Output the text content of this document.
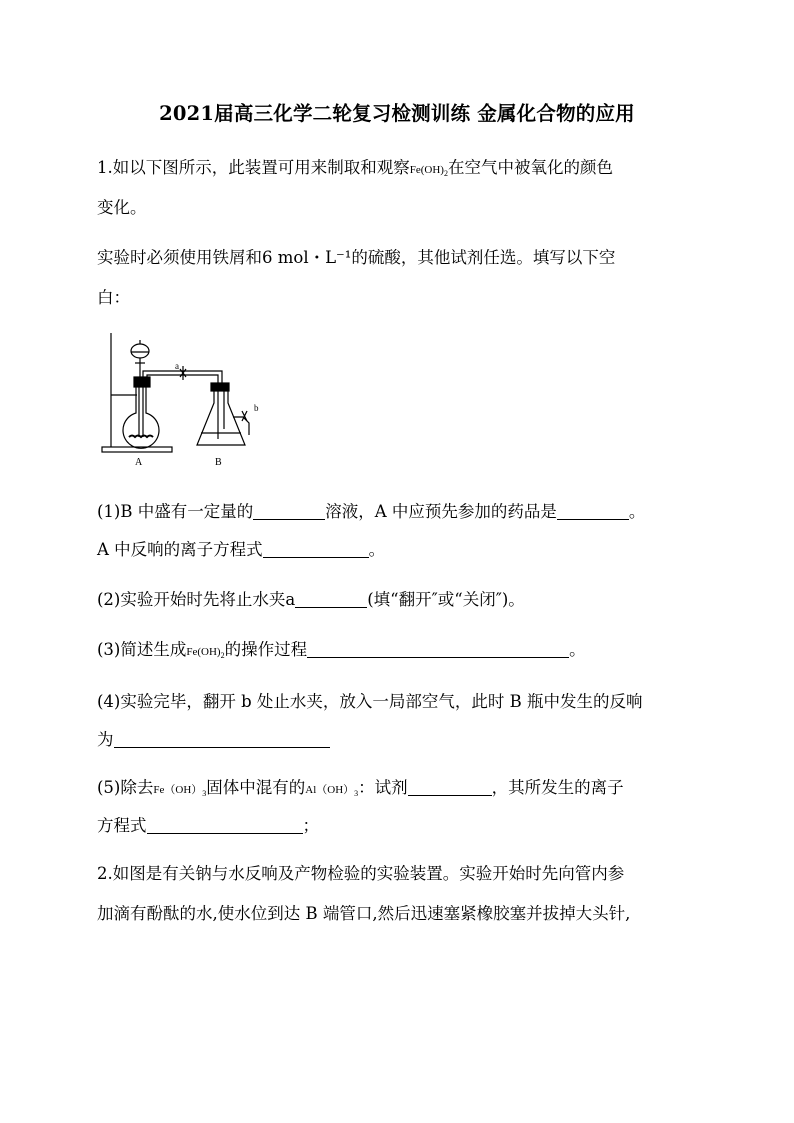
2021届高三化学二轮复习检测训练 金属化合物的应用
1.如以下图所示，此装置可用来制取和观察$Fe(OH)_2$在空气中被氧化的颜色
变化。
实验时必须使用铁屑和6 mol・L⁻¹的硫酸，其他试剂任选。填写以下空
白：
a
b
A	B
(1)B 中盛有一定量的	溶液，A 中应预先参加的药品是	。
A 中反响的离子方程式	。
(2)实验开始时先将止水夹a	(填“翻开″或“关闭″)。
(3)简述生成$Fe(OH)_2$的操作过程	。
(4)实验完毕，翻开 b 处止水夹，放入一局部空气，此时 B 瓶中发生的反响
为
(5)除去$Fe(OH)_3$固体中混有的$Al(OH)_3$：试剂	，其所发生的离子
方程式	；
2.如图是有关钠与水反响及产物检验的实验装置。实验开始时先向管内参
加滴有酚酞的水,使水位到达 B 端管口,然后迅速塞紧橡胶塞并拔掉大头针,
